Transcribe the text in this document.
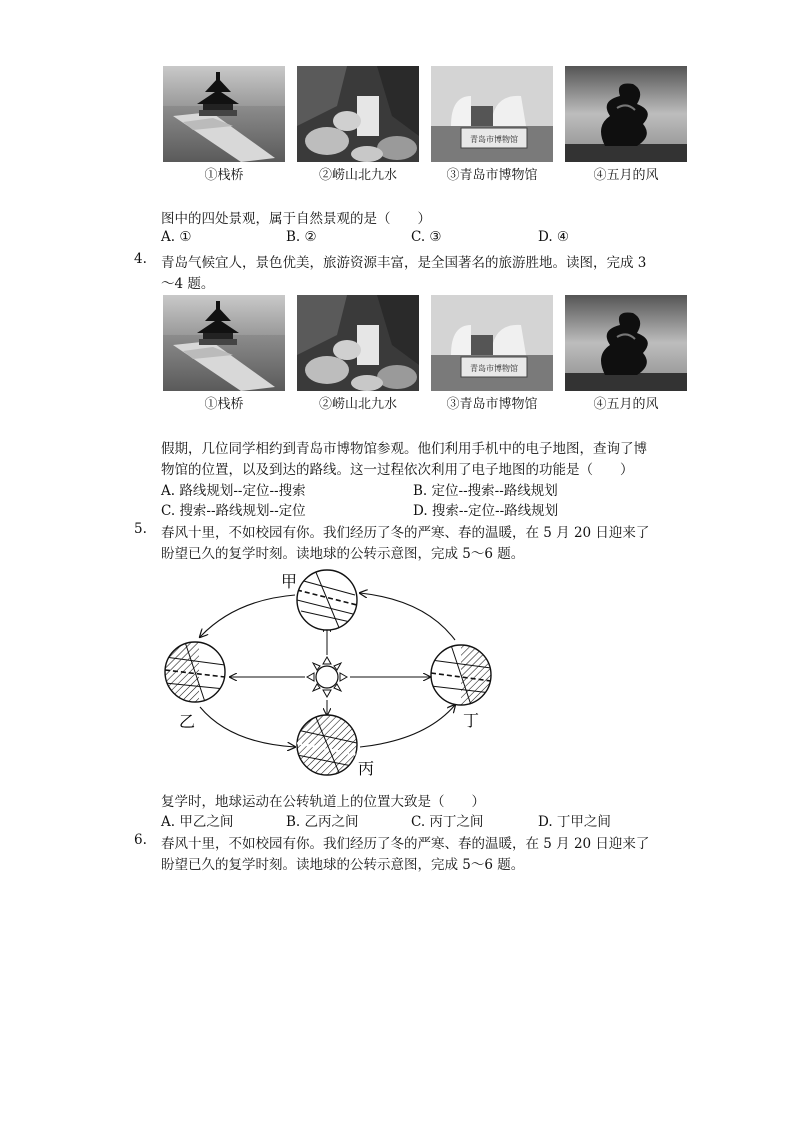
青岛市博物馆
①栈桥	②崂山北九水	③青岛市博物馆	④五月的风
图中的四处景观，属于自然景观的是（　　）
A. ①	B. ②	C. ③	D. ④
4. 青岛气候宜人，景色优美，旅游资源丰富，是全国著名的旅游胜地。读图，完成 3
～4 题。
青岛市博物馆
①栈桥	②崂山北九水	③青岛市博物馆	④五月的风
假期，几位同学相约到青岛市博物馆参观。他们利用手机中的电子地图，查询了博
物馆的位置，以及到达的路线。这一过程依次利用了电子地图的功能是（　　）
A. 路线规划--定位--搜索	B. 定位--搜索--路线规划
C. 搜索--路线规划--定位	D. 搜索--定位--路线规划
5. 春风十里，不如校园有你。我们经历了冬的严寒、春的温暖，在 5 月 20 日迎来了
盼望已久的复学时刻。读地球的公转示意图，完成 5～6 题。
甲
乙
丙
丁
复学时，地球运动在公转轨道上的位置大致是（　　）
A. 甲乙之间	B. 乙丙之间	C. 丙丁之间	D. 丁甲之间
6. 春风十里，不如校园有你。我们经历了冬的严寒、春的温暖，在 5 月 20 日迎来了
盼望已久的复学时刻。读地球的公转示意图，完成 5～6 题。
